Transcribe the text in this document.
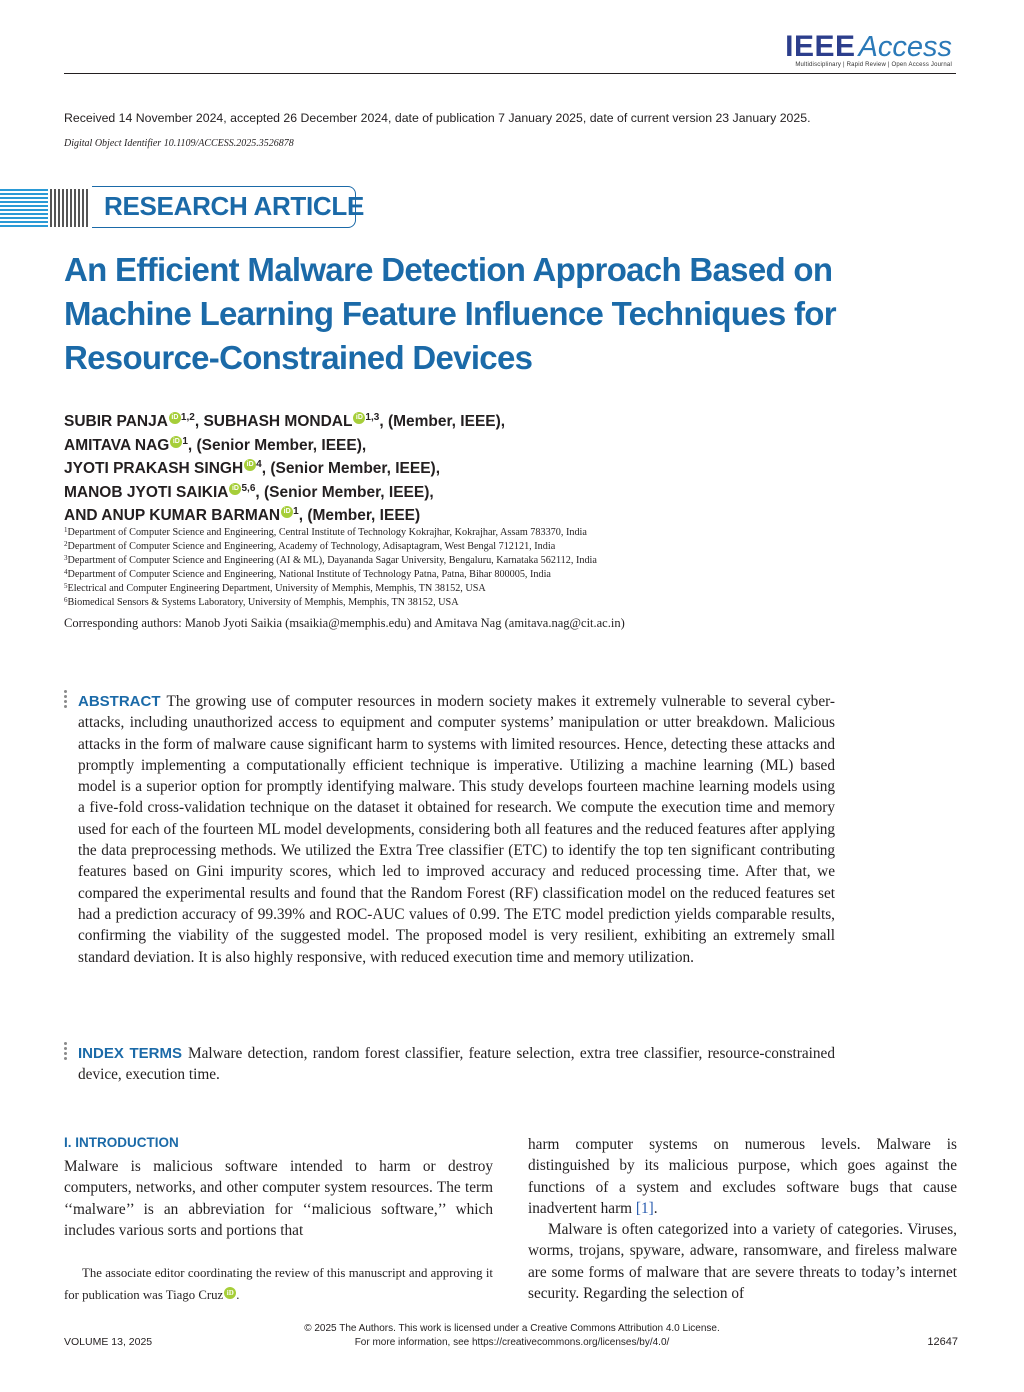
IEEE Access
Multidisciplinary | Rapid Review | Open Access Journal
Received 14 November 2024, accepted 26 December 2024, date of publication 7 January 2025, date of current version 23 January 2025.
Digital Object Identifier 10.1109/ACCESS.2025.3526878
RESEARCH ARTICLE
An Efficient Malware Detection Approach Based on Machine Learning Feature Influence Techniques for Resource-Constrained Devices
SUBIR PANJA iD $^{1,2}$, SUBHASH MONDAL iD $^{1,3}$, (Member, IEEE),
AMITAVA NAG iD $^1$, (Senior Member, IEEE),
JYOTI PRAKASH SINGH iD $^4$, (Senior Member, IEEE),
MANOB JYOTI SAIKIA iD $^{5,6}$, (Senior Member, IEEE),
AND ANUP KUMAR BARMAN iD $^1$, (Member, IEEE)
$^1$Department of Computer Science and Engineering, Central Institute of Technology Kokrajhar, Kokrajhar, Assam 783370, India
$^2$Department of Computer Science and Engineering, Academy of Technology, Adisaptagram, West Bengal 712121, India
$^3$Department of Computer Science and Engineering (AI & ML), Dayananda Sagar University, Bengaluru, Karnataka 562112, India
$^4$Department of Computer Science and Engineering, National Institute of Technology Patna, Patna, Bihar 800005, India
$^5$Electrical and Computer Engineering Department, University of Memphis, Memphis, TN 38152, USA
$^6$Biomedical Sensors & Systems Laboratory, University of Memphis, Memphis, TN 38152, USA
Corresponding authors: Manob Jyoti Saikia (msaikia@memphis.edu) and Amitava Nag (amitava.nag@cit.ac.in)
ABSTRACT The growing use of computer resources in modern society makes it extremely vulnerable to several cyber-attacks, including unauthorized access to equipment and computer systems’ manipulation or utter breakdown. Malicious attacks in the form of malware cause significant harm to systems with limited resources. Hence, detecting these attacks and promptly implementing a computationally efficient technique is imperative. Utilizing a machine learning (ML) based model is a superior option for promptly identifying malware. This study develops fourteen machine learning models using a five-fold cross-validation technique on the dataset it obtained for research. We compute the execution time and memory used for each of the fourteen ML model developments, considering both all features and the reduced features after applying the data preprocessing methods. We utilized the Extra Tree classifier (ETC) to identify the top ten significant contributing features based on Gini impurity scores, which led to improved accuracy and reduced processing time. After that, we compared the experimental results and found that the Random Forest (RF) classification model on the reduced features set had a prediction accuracy of 99.39% and ROC-AUC values of 0.99. The ETC model prediction yields comparable results, confirming the viability of the suggested model. The proposed model is very resilient, exhibiting an extremely small standard deviation. It is also highly responsive, with reduced execution time and memory utilization.
INDEX TERMS Malware detection, random forest classifier, feature selection, extra tree classifier, resource-constrained device, execution time.
I. INTRODUCTION

Malware is malicious software intended to harm or destroy computers, networks, and other computer system resources. The term ‘‘malware’’ is an abbreviation for ‘‘malicious software,’’ which includes various sorts and portions that

The associate editor coordinating the review of this manuscript and approving it for publication was Tiago Cruz iD .

harm computer systems on numerous levels. Malware is distinguished by its malicious purpose, which goes against the functions of a system and excludes software bugs that cause inadvertent harm [1].

Malware is often categorized into a variety of categories. Viruses, worms, trojans, spyware, adware, ransomware, and fireless malware are some forms of malware that are severe threats to today’s internet security. Regarding the selection of

© 2025 The Authors. This work is licensed under a Creative Commons Attribution 4.0 License.
For more information, see https://creativecommons.org/licenses/by/4.0/
VOLUME 13, 2025	12647
